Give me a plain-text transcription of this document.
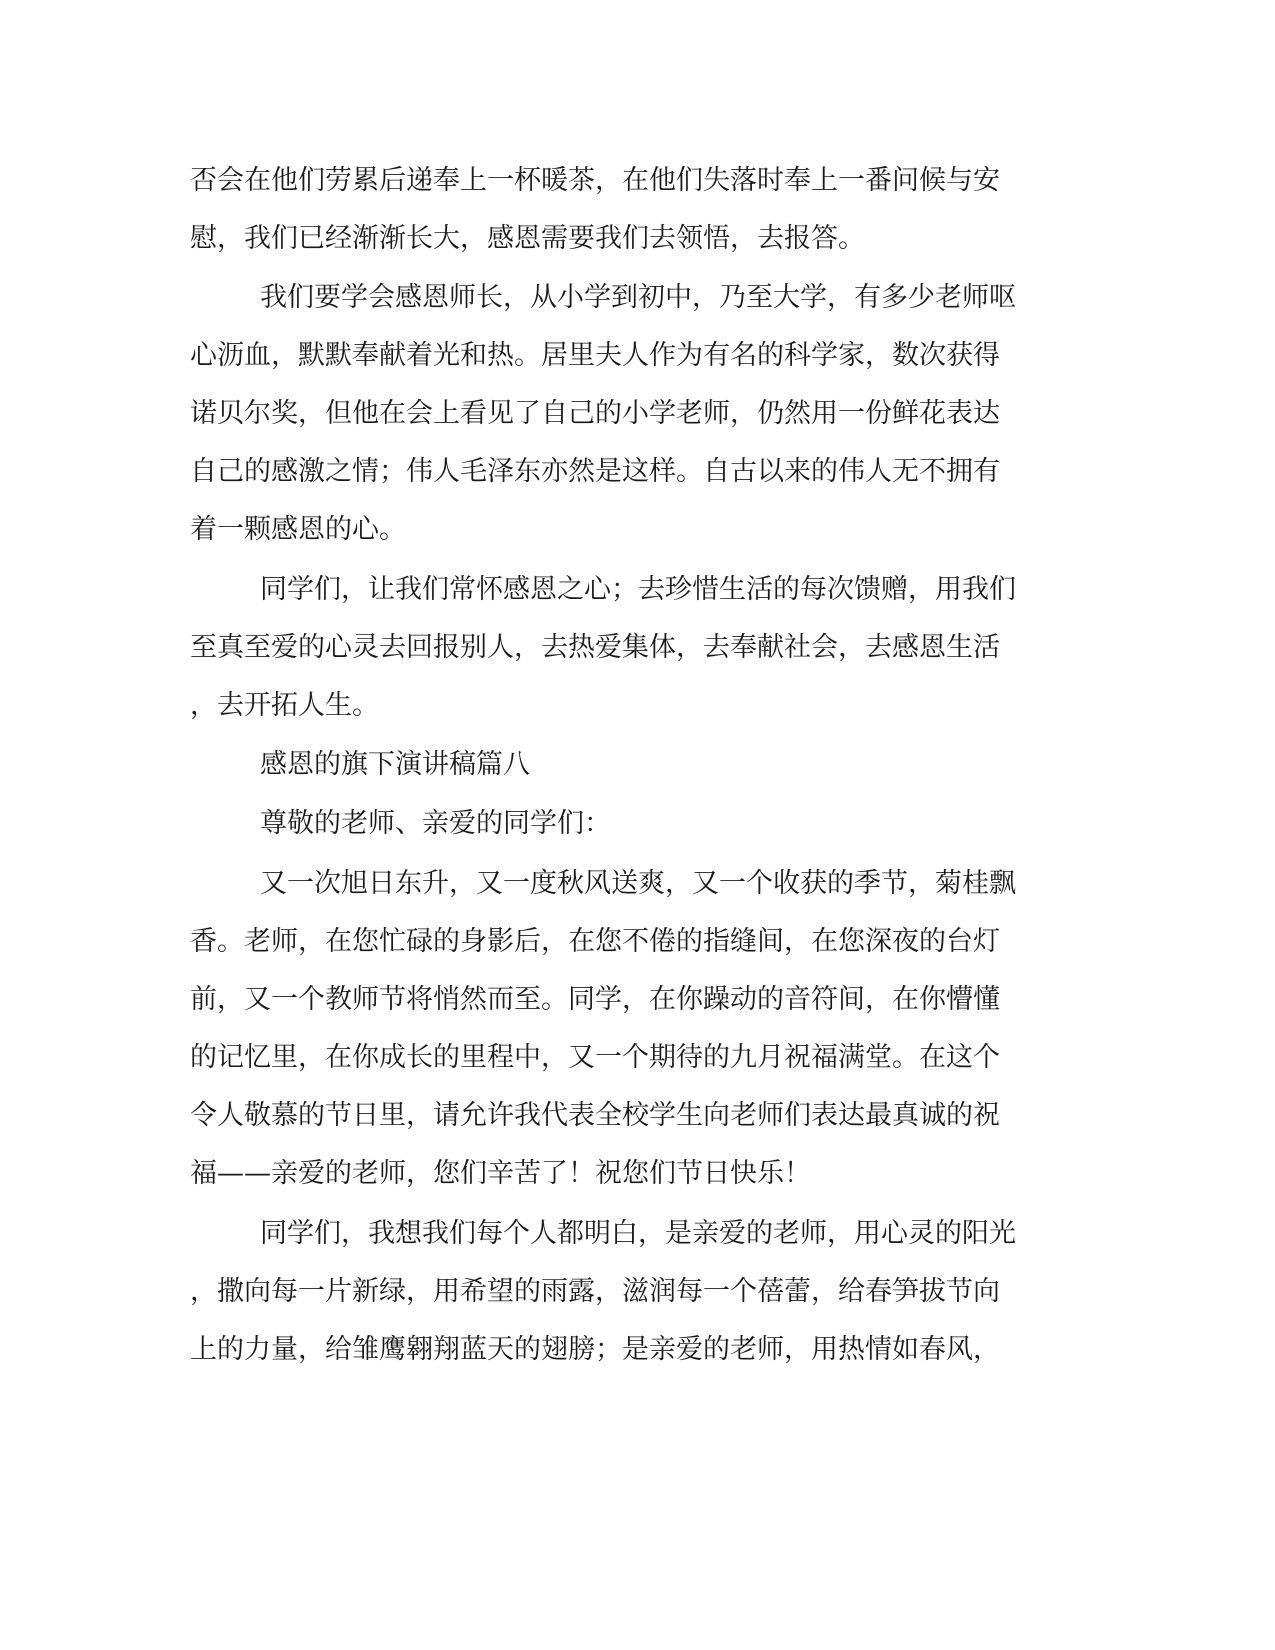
否会在他们劳累后递奉上一杯暖茶，在他们失落时奉上一番问候与安
慰，我们已经渐渐长大，感恩需要我们去领悟，去报答。
我们要学会感恩师长，从小学到初中，乃至大学，有多少老师呕
心沥血，默默奉献着光和热。居里夫人作为有名的科学家，数次获得
诺贝尔奖，但他在会上看见了自己的小学老师，仍然用一份鲜花表达
自己的感激之情；伟人毛泽东亦然是这样。自古以来的伟人无不拥有
着一颗感恩的心。
同学们，让我们常怀感恩之心；去珍惜生活的每次馈赠，用我们
至真至爱的心灵去回报别人，去热爱集体，去奉献社会，去感恩生活
，去开拓人生。
感恩的旗下演讲稿篇八
尊敬的老师、亲爱的同学们：
又一次旭日东升，又一度秋风送爽，又一个收获的季节，菊桂飘
香。老师，在您忙碌的身影后，在您不倦的指缝间，在您深夜的台灯
前，又一个教师节将悄然而至。同学，在你躁动的音符间，在你懵懂
的记忆里，在你成长的里程中，又一个期待的九月祝福满堂。在这个
令人敬慕的节日里，请允许我代表全校学生向老师们表达最真诚的祝
福——亲爱的老师，您们辛苦了！祝您们节日快乐！
同学们，我想我们每个人都明白，是亲爱的老师，用心灵的阳光
，撒向每一片新绿，用希望的雨露，滋润每一个蓓蕾，给春笋拔节向
上的力量，给雏鹰翱翔蓝天的翅膀；是亲爱的老师，用热情如春风，
